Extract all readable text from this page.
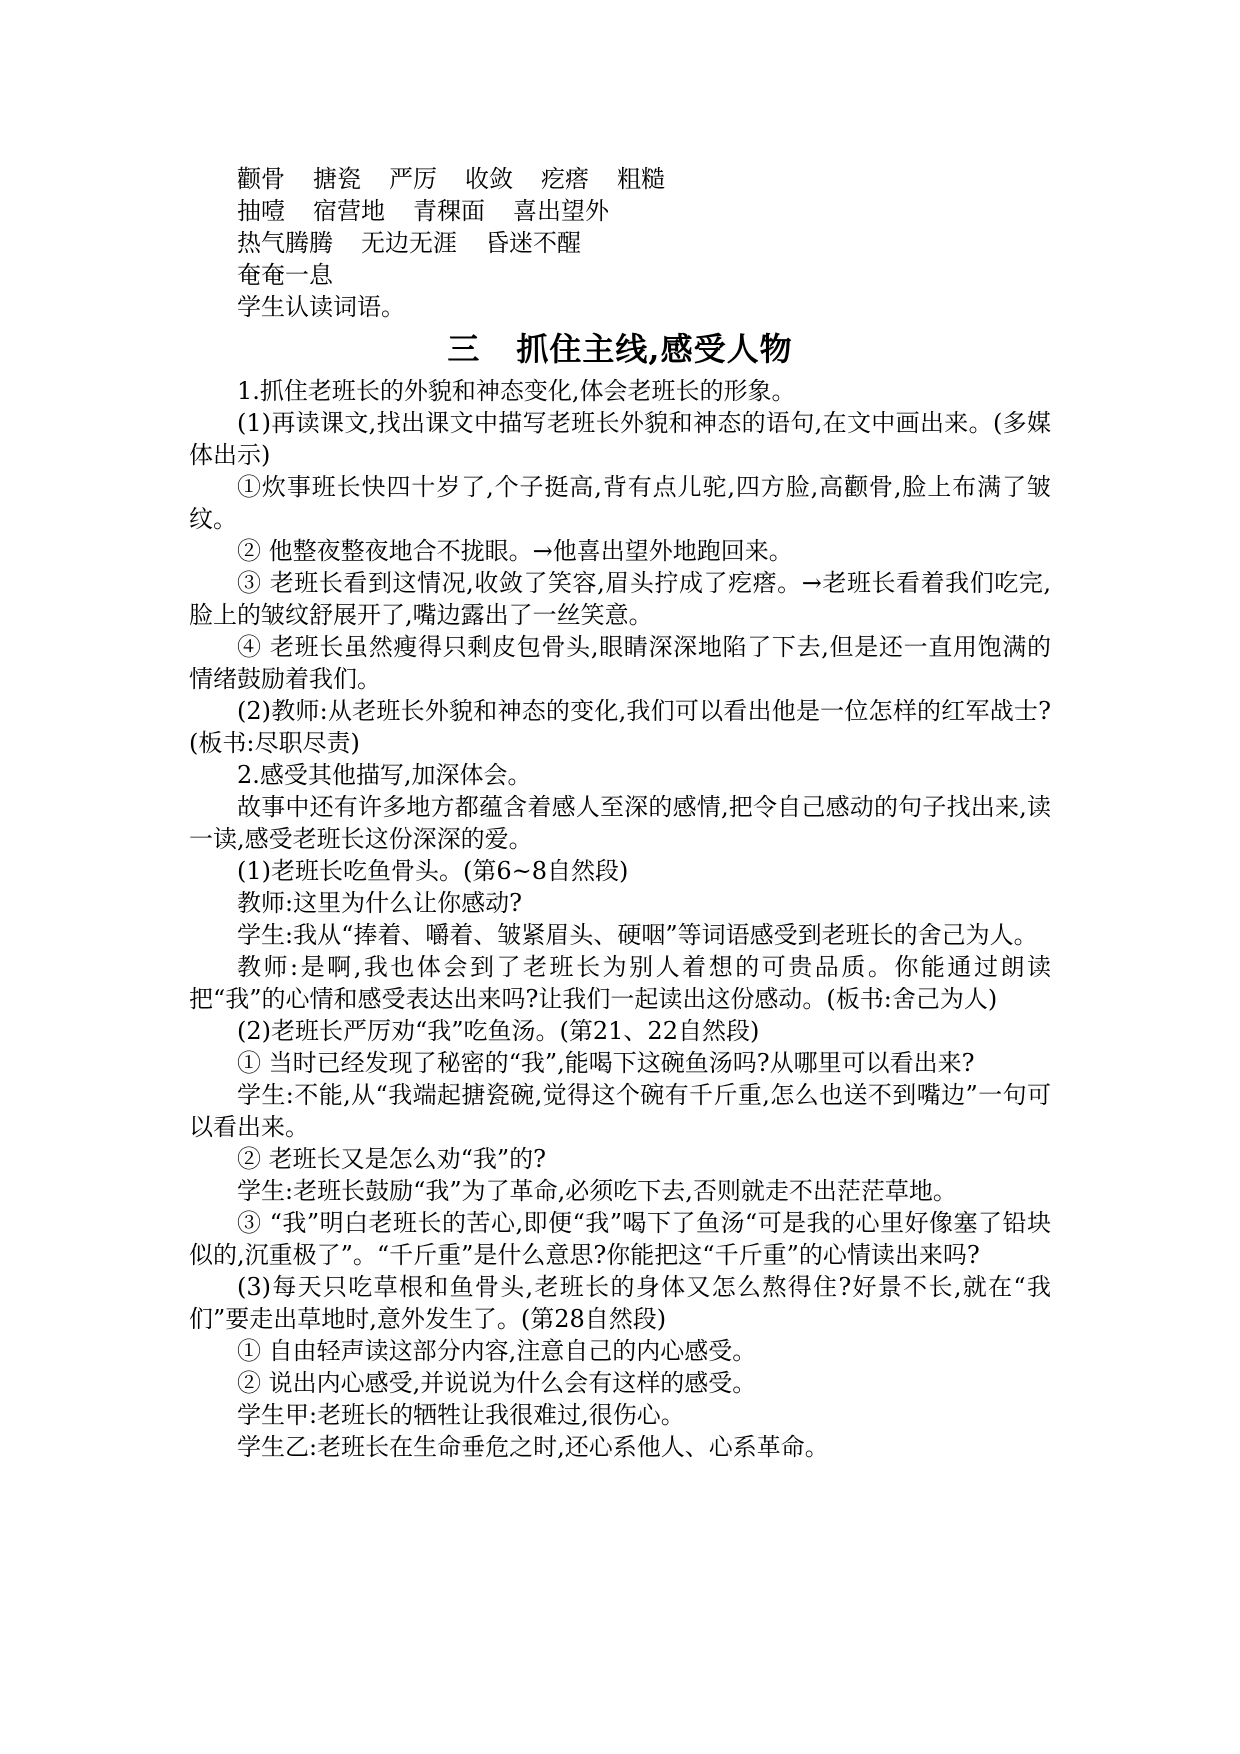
颧骨 搪瓷 严厉 收敛 疙瘩 粗糙

抽噎 宿营地 青稞面 喜出望外

热气腾腾 无边无涯 昏迷不醒

奄奄一息

学生认读词语。

三 抓住主线,感受人物

1.抓住老班长的外貌和神态变化,体会老班长的形象。

(1)再读课文,找出课文中描写老班长外貌和神态的语句,在文中画出来。(多媒体出示)

①炊事班长快四十岁了,个子挺高,背有点儿驼,四方脸,高颧骨,脸上布满了皱纹。

② 他整夜整夜地合不拢眼。→他喜出望外地跑回来。

③ 老班长看到这情况,收敛了笑容,眉头拧成了疙瘩。→老班长看着我们吃完,脸上的皱纹舒展开了,嘴边露出了一丝笑意。

④ 老班长虽然瘦得只剩皮包骨头,眼睛深深地陷了下去,但是还一直用饱满的情绪鼓励着我们。

(2)教师:从老班长外貌和神态的变化,我们可以看出他是一位怎样的红军战士?(板书:尽职尽责)

2.感受其他描写,加深体会。

故事中还有许多地方都蕴含着感人至深的感情,把令自己感动的句子找出来,读一读,感受老班长这份深深的爱。

(1)老班长吃鱼骨头。(第6~8自然段)

教师:这里为什么让你感动?

学生:我从“捧着、嚼着、皱紧眉头、硬咽”等词语感受到老班长的舍己为人。

教师:是啊,我也体会到了老班长为别人着想的可贵品质。你能通过朗读把“我”的心情和感受表达出来吗?让我们一起读出这份感动。(板书:舍己为人)

(2)老班长严厉劝“我”吃鱼汤。(第21、22自然段)

① 当时已经发现了秘密的“我”,能喝下这碗鱼汤吗?从哪里可以看出来?

学生:不能,从“我端起搪瓷碗,觉得这个碗有千斤重,怎么也送不到嘴边”一句可以看出来。

② 老班长又是怎么劝“我”的?

学生:老班长鼓励“我”为了革命,必须吃下去,否则就走不出茫茫草地。

③ “我”明白老班长的苦心,即便“我”喝下了鱼汤“可是我的心里好像塞了铅块似的,沉重极了”。“千斤重”是什么意思?你能把这“千斤重”的心情读出来吗?

(3)每天只吃草根和鱼骨头,老班长的身体又怎么熬得住?好景不长,就在“我们”要走出草地时,意外发生了。(第28自然段)

① 自由轻声读这部分内容,注意自己的内心感受。

② 说出内心感受,并说说为什么会有这样的感受。

学生甲:老班长的牺牲让我很难过,很伤心。

学生乙:老班长在生命垂危之时,还心系他人、心系革命。
